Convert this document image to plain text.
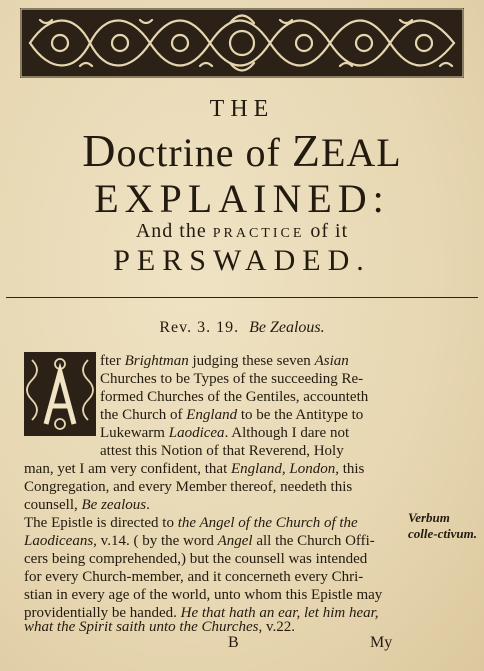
THE
Doctrine of ZEAL
EXPLAINED:
And the PRACTICE of it
PERSWADED.
Rev. 3. 19. Be Zealous.
fter Brightman judging these seven Asian
Churches to be Types of the succeeding Re-
formed Churches of the Gentiles, accounteth
the Church of England to be the Antitype to
Lukewarm Laodicea. Although I dare not
attest this Notion of that Reverend, Holy
man, yet I am very confident, that England, London, this
Congregation, and every Member thereof, needeth this
counsell, Be zealous.
The Epistle is directed to the Angel of the Church of the
Laodiceans, v.14. ( by the word Angel all the Church Offi-
cers being comprehended,) but the counsell was intended
for every Church-member, and it concerneth every Chri-
stian in every age of the world, unto whom this Epistle may
providentially be handed. He that hath an ear, let him hear,
what the Spirit saith unto the Churches, v.22.
Verbum colle-ctivum.
B	My
